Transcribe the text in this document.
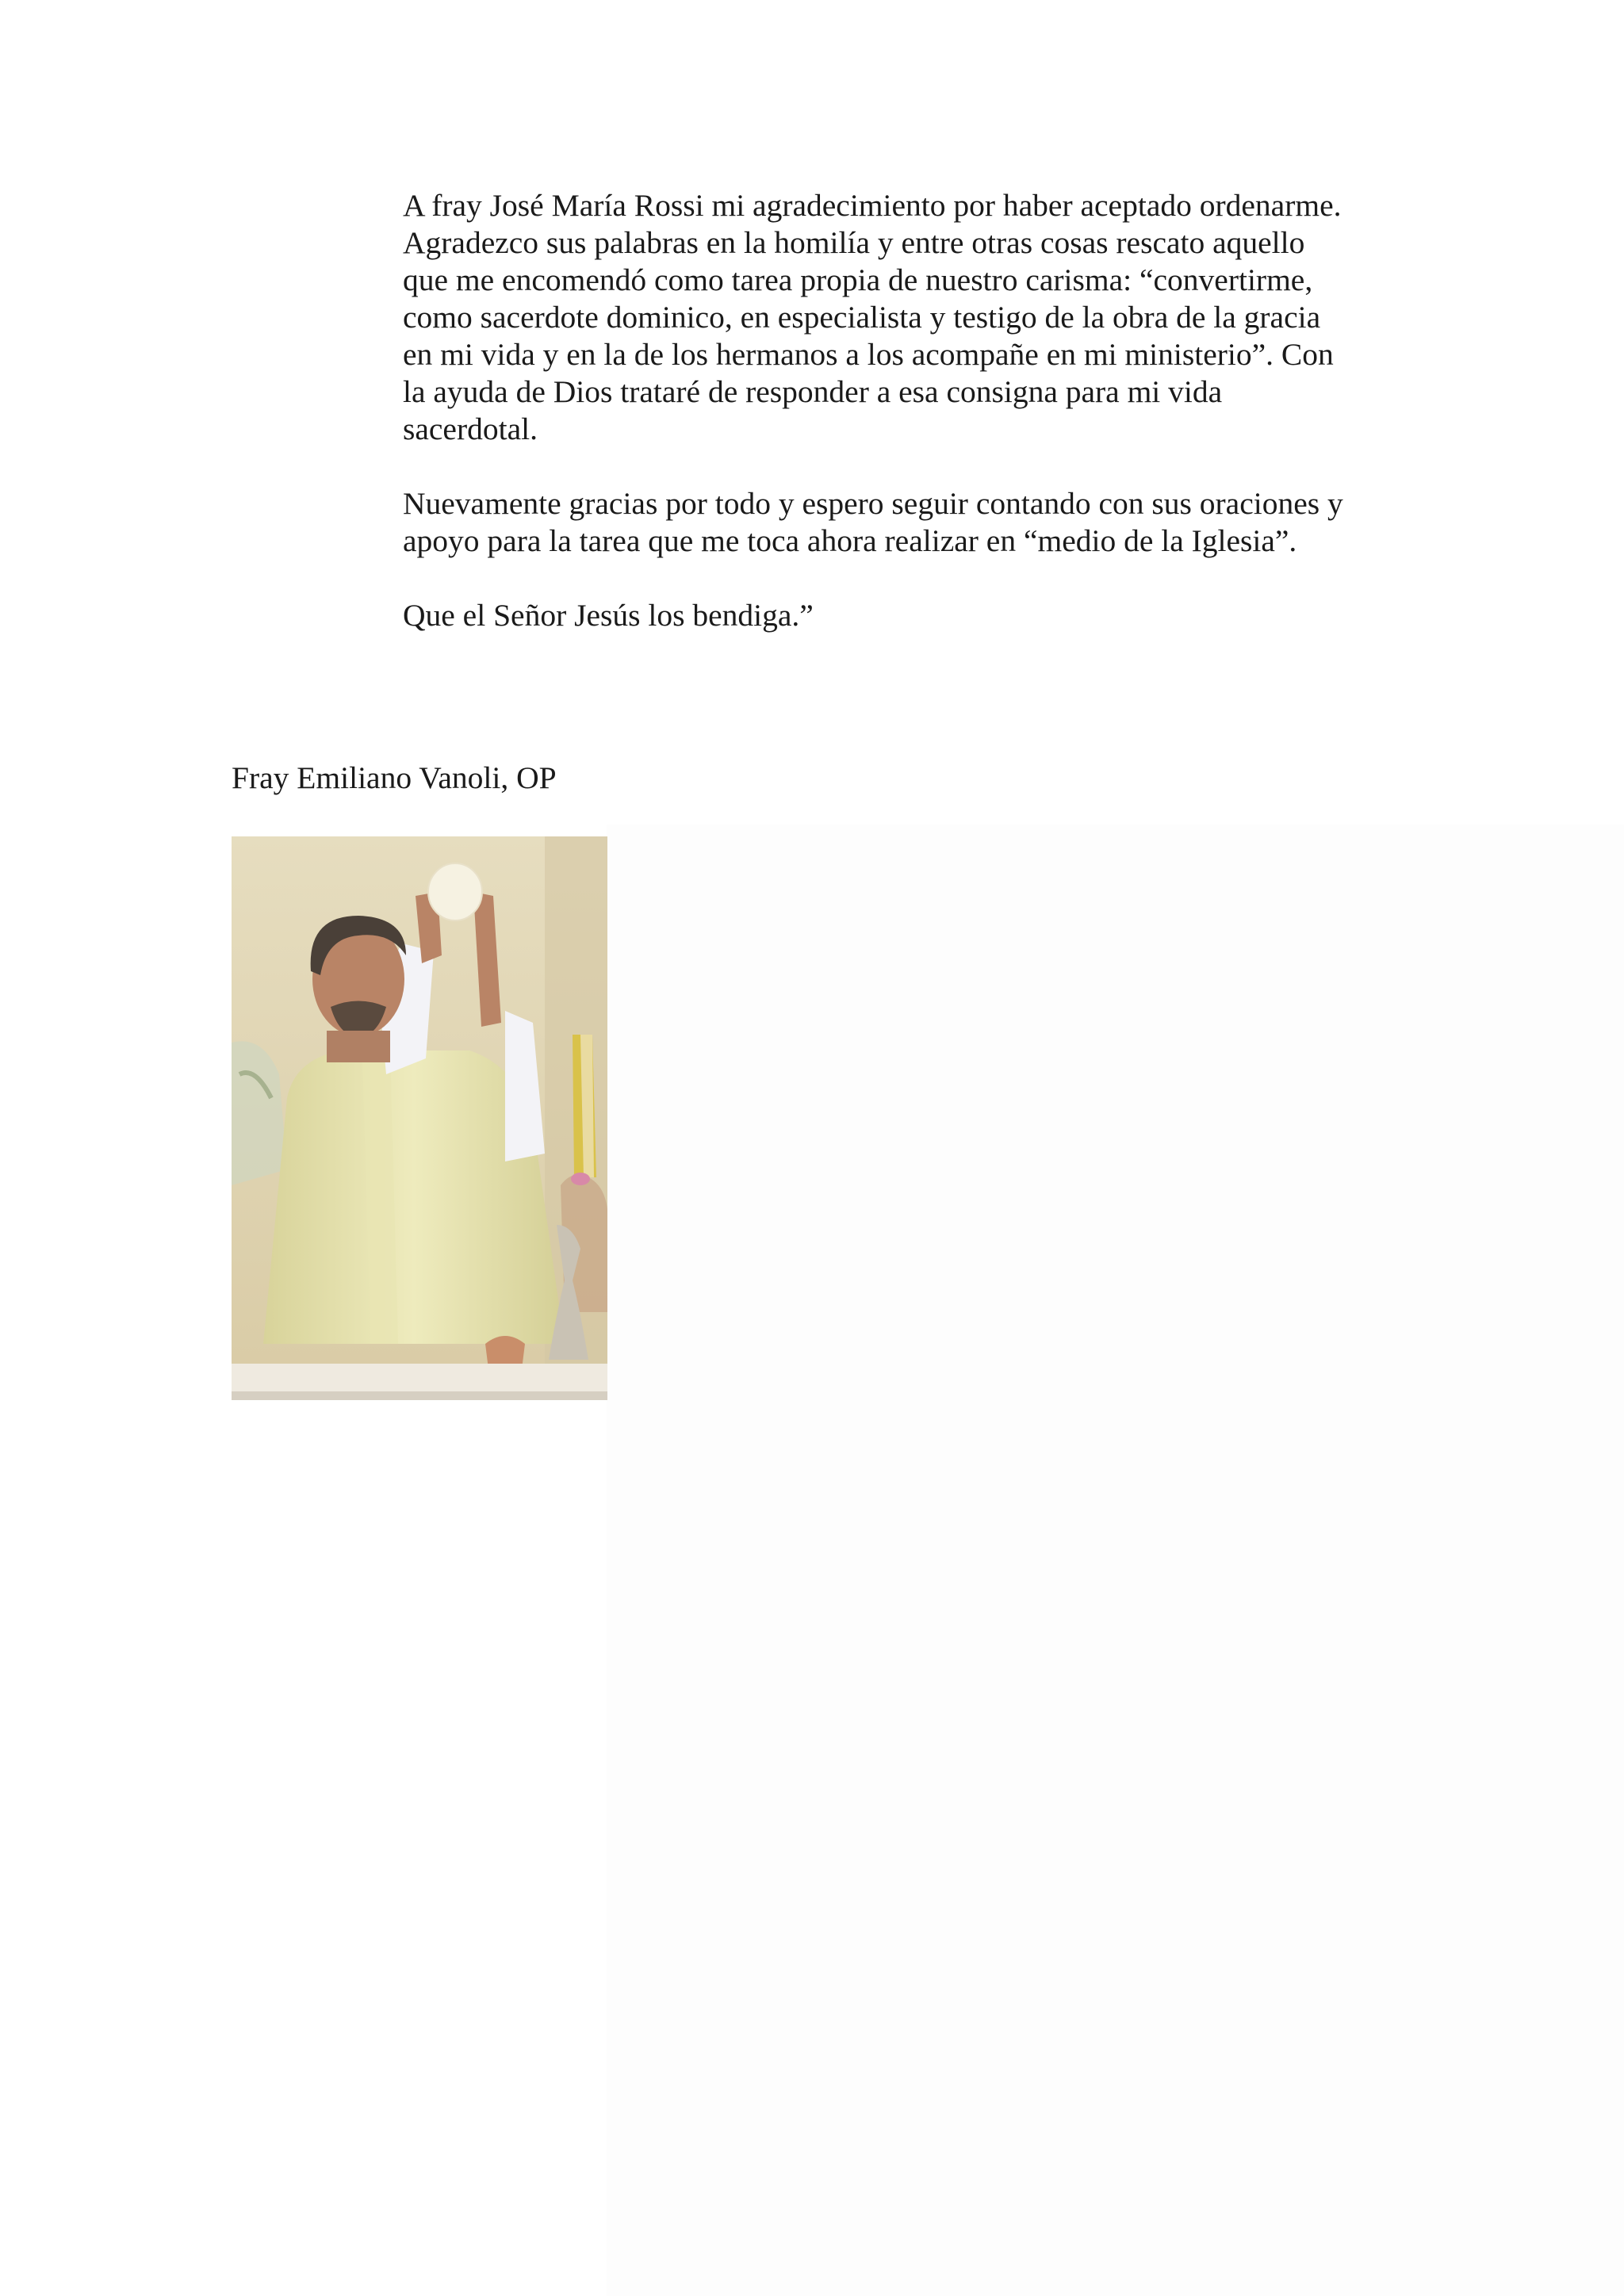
A fray José María Rossi mi agradecimiento por haber aceptado ordenarme.

Agradezco sus palabras en la homilía y entre otras cosas rescato aquello

que me encomendó como tarea propia de nuestro carisma: “convertirme,

como sacerdote dominico, en especialista y testigo de la obra de la gracia

en mi vida y en la de los hermanos a los acompañe en mi ministerio”. Con

la ayuda de Dios trataré de responder a esa consigna para mi vida

sacerdotal.

Nuevamente gracias por todo y espero seguir contando con sus oraciones y

apoyo para la tarea que me toca ahora realizar en “medio de la Iglesia”.

Que el Señor Jesús los bendiga.”

Fray Emiliano Vanoli, OP
